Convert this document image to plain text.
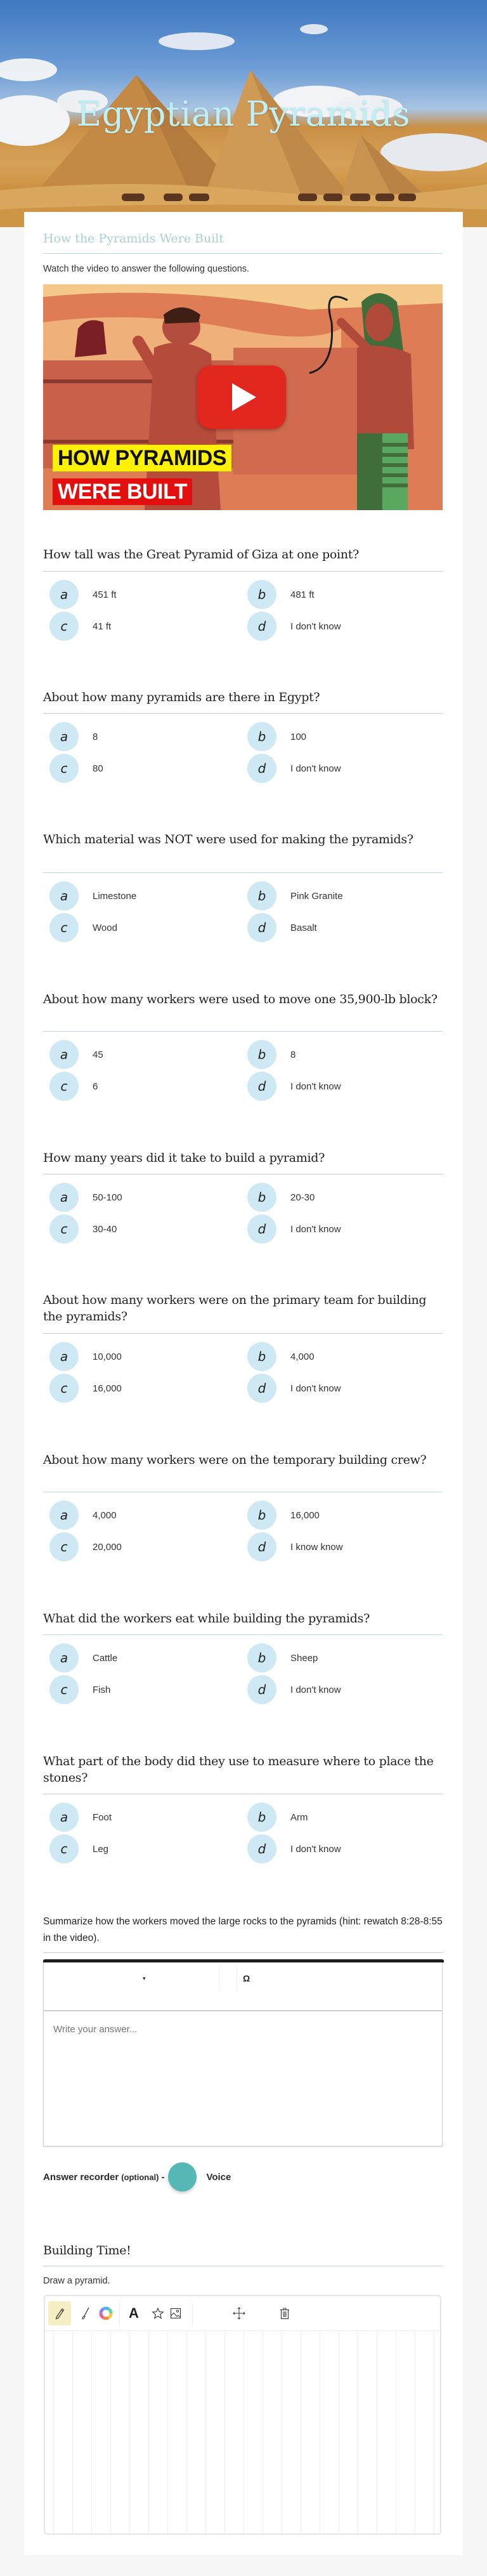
Egyptian Pyramids
How the Pyramids Were Built
Watch the video to answer the following questions.
HOW PYRAMIDS
WERE BUILT
How tall was the Great Pyramid of Giza at one point?
a	451 ft	b	481 ft
c	41 ft	d	I don't know
About how many pyramids are there in Egypt?
a	8	b	100
c	80	d	I don't know
Which material was NOT were used for making the pyramids?
a	Limestone	b	Pink Granite
c	Wood	d	Basalt
About how many workers were used to move one 35,900-lb block?
a	45	b	8
c	6	d	I don't know
How many years did it take to build a pyramid?
a	50-100	b	20-30
c	30-40	d	I don't know
About how many workers were on the primary team for building the pyramids?
a	10,000	b	4,000
c	16,000	d	I don't know
About how many workers were on the temporary building crew?
a	4,000	b	16,000
c	20,000	d	I know know
What did the workers eat while building the pyramids?
a	Cattle	b	Sheep
c	Fish	d	I don't know
What part of the body did they use to measure where to place the stones?
a	Foot	b	Arm
c	Leg	d	I don't know
Summarize how the workers moved the large rocks to the pyramids (hint: rewatch 8:28-8:55 in the video).
▾	Ω
Write your answer...
Answer recorder (optional) -	Voice
Building Time!
Draw a pyramid.
A
